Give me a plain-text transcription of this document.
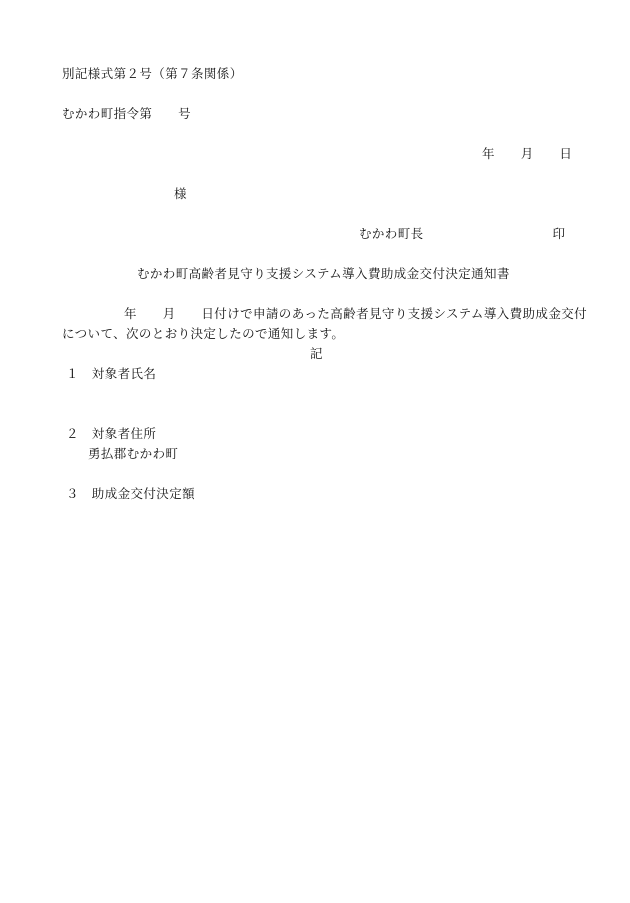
別記様式第２号（第７条関係）
むかわ町指令第　　号
年　　月　　日
様
むかわ町長　　　　　　　　　　印
むかわ町高齢者見守り支援システム導入費助成金交付決定通知書
年　　月　　日付けで申請のあった高齢者見守り支援システム導入費助成金交付
について、次のとおり決定したので通知します。
記
１　対象者氏名
２　対象者住所
勇払郡むかわ町
３　助成金交付決定額
